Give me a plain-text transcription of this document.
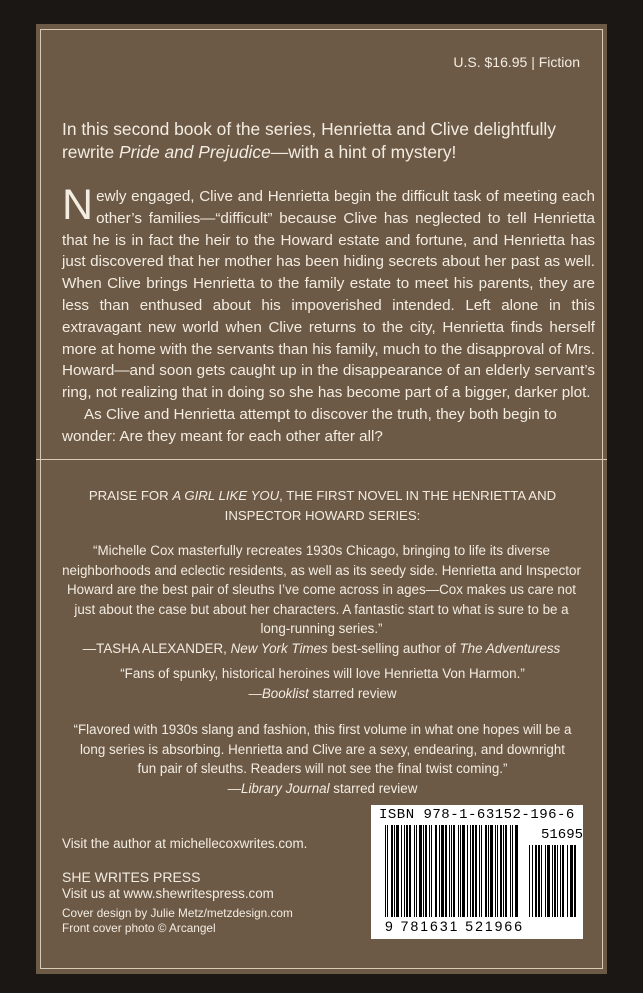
U.S. $16.95 | Fiction
In this second book of the series, Henrietta and Clive delightfully rewrite Pride and Prejudice—with a hint of mystery!

Newly engaged, Clive and Henrietta begin the difficult task of meeting each other’s families—“difficult” because Clive has neglected to tell Henrietta that he is in fact the heir to the Howard estate and fortune, and Henrietta has just discovered that her mother has been hiding secrets about her past as well. When Clive brings Henrietta to the family estate to meet his parents, they are less than enthused about his impoverished intended. Left alone in this extravagant new world when Clive returns to the city, Henrietta finds herself more at home with the servants than his family, much to the disapproval of Mrs. Howard—and soon gets caught up in the disappearance of an elderly servant’s ring, not realizing that in doing so she has become part of a bigger, darker plot.

As Clive and Henrietta attempt to discover the truth, they both begin to wonder: Are they meant for each other after all?

PRAISE FOR A GIRL LIKE YOU, THE FIRST NOVEL IN THE HENRIETTA AND INSPECTOR HOWARD SERIES:
“Michelle Cox masterfully recreates 1930s Chicago, bringing to life its diverse neighborhoods and eclectic residents, as well as its seedy side. Henrietta and Inspector Howard are the best pair of sleuths I’ve come across in ages—Cox makes us care not just about the case but about her characters. A fantastic start to what is sure to be a long-running series.”
—TASHA ALEXANDER, New York Times best-selling author of The Adventuress
“Fans of spunky, historical heroines will love Henrietta Von Harmon.”
—Booklist starred review
“Flavored with 1930s slang and fashion, this first volume in what one hopes will be a long series is absorbing. Henrietta and Clive are a sexy, endearing, and downright fun pair of sleuths. Readers will not see the final twist coming.”
—Library Journal starred review
Visit the author at michellecoxwrites.com.
SHE WRITES PRESS
Visit us at www.shewritespress.com
Cover design by Julie Metz/metzdesign.com
Front cover photo © Arcangel
ISBN 978-1-63152-196-6
51695
9 781631 521966
